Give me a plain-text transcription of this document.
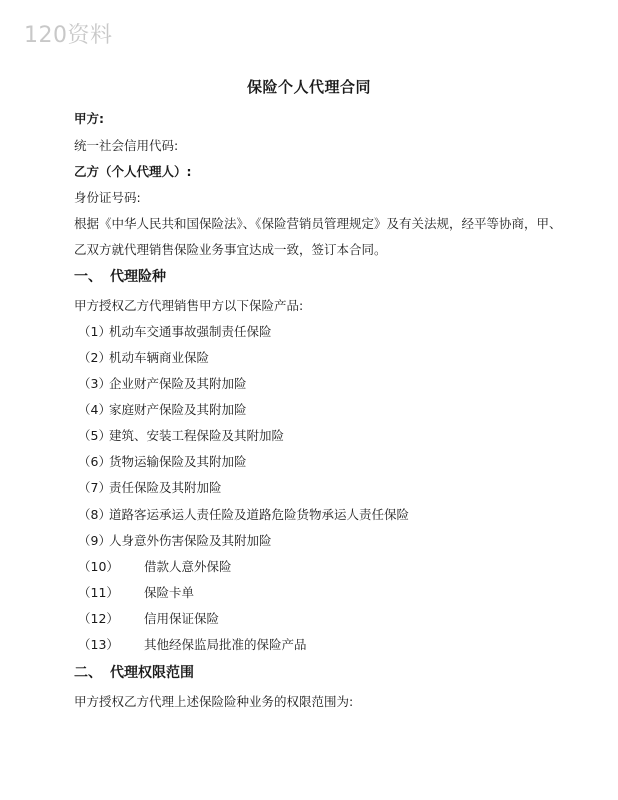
120资料
保险个人代理合同
甲方:
统一社会信用代码:
乙方（个人代理人）:
身份证号码:
根据《中华人民共和国保险法》、《保险营销员管理规定》及有关法规，经平等协商，甲、
乙双方就代理销售保险业务事宜达成一致，签订本合同。
一、 代理险种
甲方授权乙方代理销售甲方以下保险产品:
（1）机动车交通事故强制责任保险
（2）机动车辆商业保险
（3）企业财产保险及其附加险
（4）家庭财产保险及其附加险
（5）建筑、安装工程保险及其附加险
（6）货物运输保险及其附加险
（7）责任保险及其附加险
（8）道路客运承运人责任险及道路危险货物承运人责任保险
（9）人身意外伤害保险及其附加险
（10） 借款人意外保险
（11） 保险卡单
（12） 信用保证保险
（13） 其他经保监局批准的保险产品
二、 代理权限范围
甲方授权乙方代理上述保险险种业务的权限范围为:
